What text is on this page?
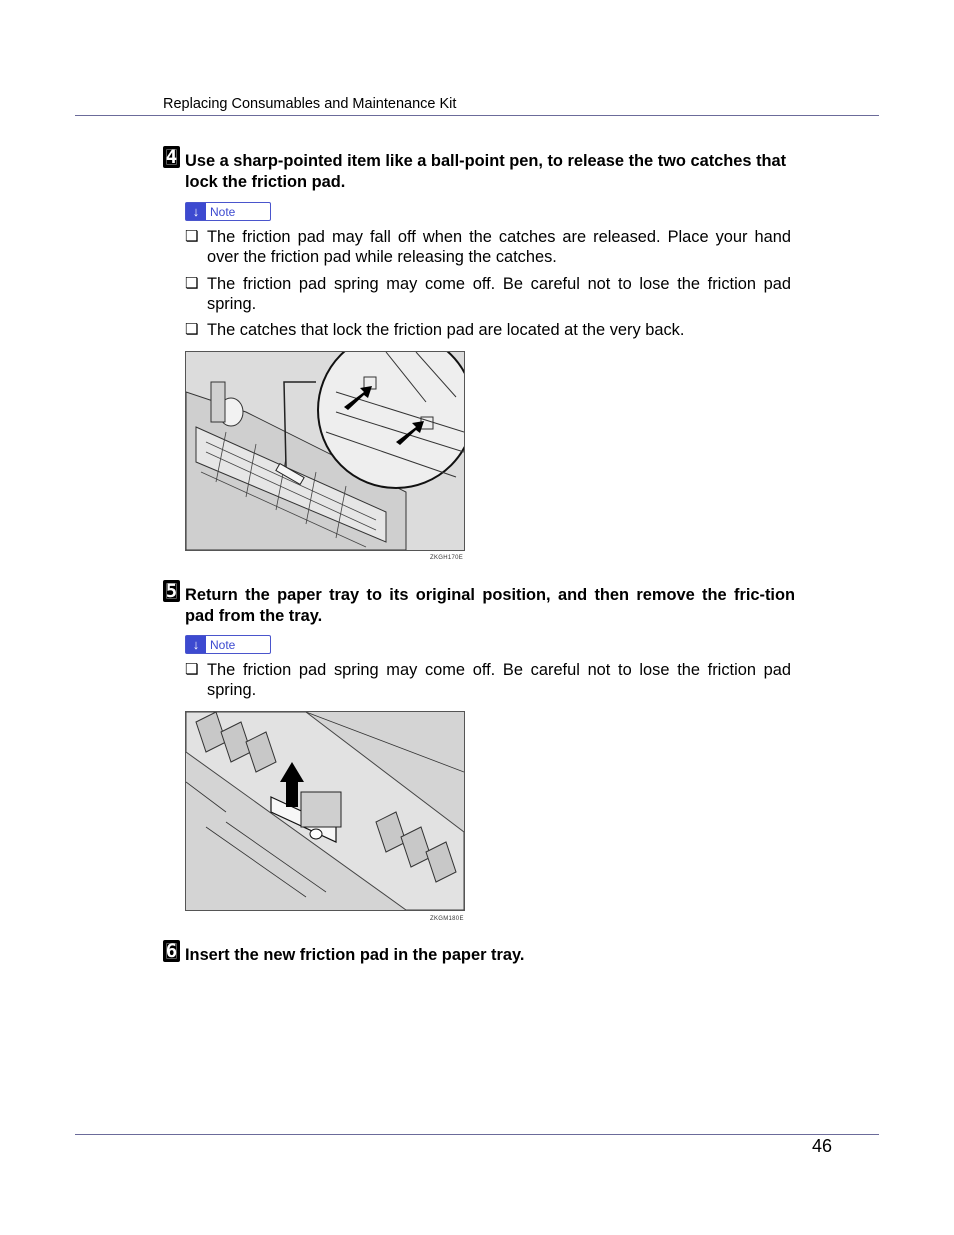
Replacing Consumables and Maintenance Kit
4 Use a sharp-pointed item like a ball-point pen, to release the two catches that lock the friction pad.
↓ Note
❏ The friction pad may fall off when the catches are released. Place your hand over the friction pad while releasing the catches.
❏ The friction pad spring may come off. Be careful not to lose the friction pad spring.
❏ The catches that lock the friction pad are located at the very back.
ZKGH170E
5 Return the paper tray to its original position, and then remove the fric-tion pad from the tray.
↓ Note
❏ The friction pad spring may come off. Be careful not to lose the friction pad spring.
ZKGM180E
6 Insert the new friction pad in the paper tray.
46
